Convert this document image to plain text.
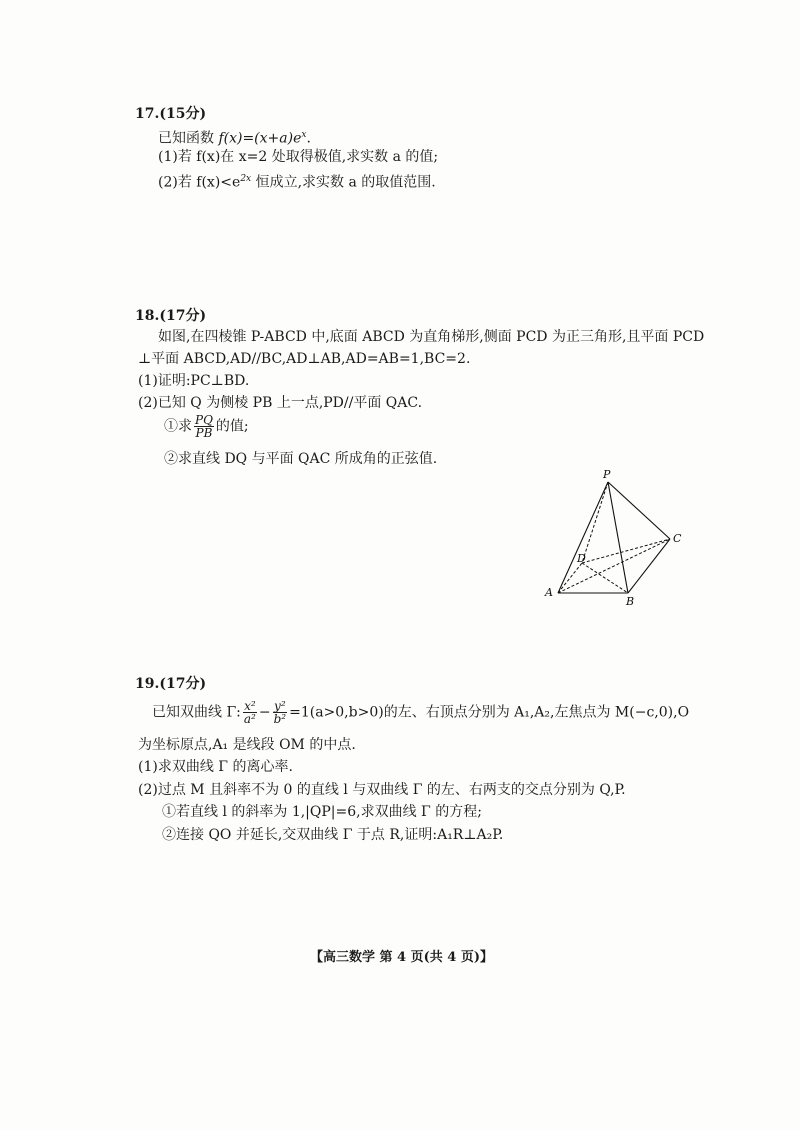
17.(15分)
已知函数 $f(x)=(x+a)e^x$.
(1)若 f(x)在 x=2 处取得极值,求实数 a 的值;
(2)若 $f(x)<e^{2x}$ 恒成立,求实数 a 的取值范围.
18.(17分)
如图,在四棱锥 P-ABCD 中,底面 ABCD 为直角梯形,侧面 PCD 为正三角形,且平面 PCD
⊥平面 ABCD,AD//BC,AD⊥AB,AD=AB=1,BC=2.
(1)证明:PC⊥BD.
(2)已知 Q 为侧棱 PB 上一点,PD//平面 QAC.
①求 $\frac{PQ}{PB}$ 的值;
②求直线 DQ 与平面 QAC 所成角的正弦值.
P
C
D
A
B
19.(17分)
已知双曲线 Γ: $\frac{\text{x²}}{\text{a²}} - \frac{\text{y²}}{\text{b²}} =1(a>0,b>0)$的左、右顶点分别为 A₁,A₂,左焦点为 M(−c,0),O
为坐标原点,A₁ 是线段 OM 的中点.
(1)求双曲线 Γ 的离心率.
(2)过点 M 且斜率不为 0 的直线 l 与双曲线 Γ 的左、右两支的交点分别为 Q,P.
①若直线 l 的斜率为 1,|QP|=6,求双曲线 Γ 的方程;
②连接 QO 并延长,交双曲线 Γ 于点 R,证明:A₁R⊥A₂P.
【高三数学 第 4 页(共 4 页)】
